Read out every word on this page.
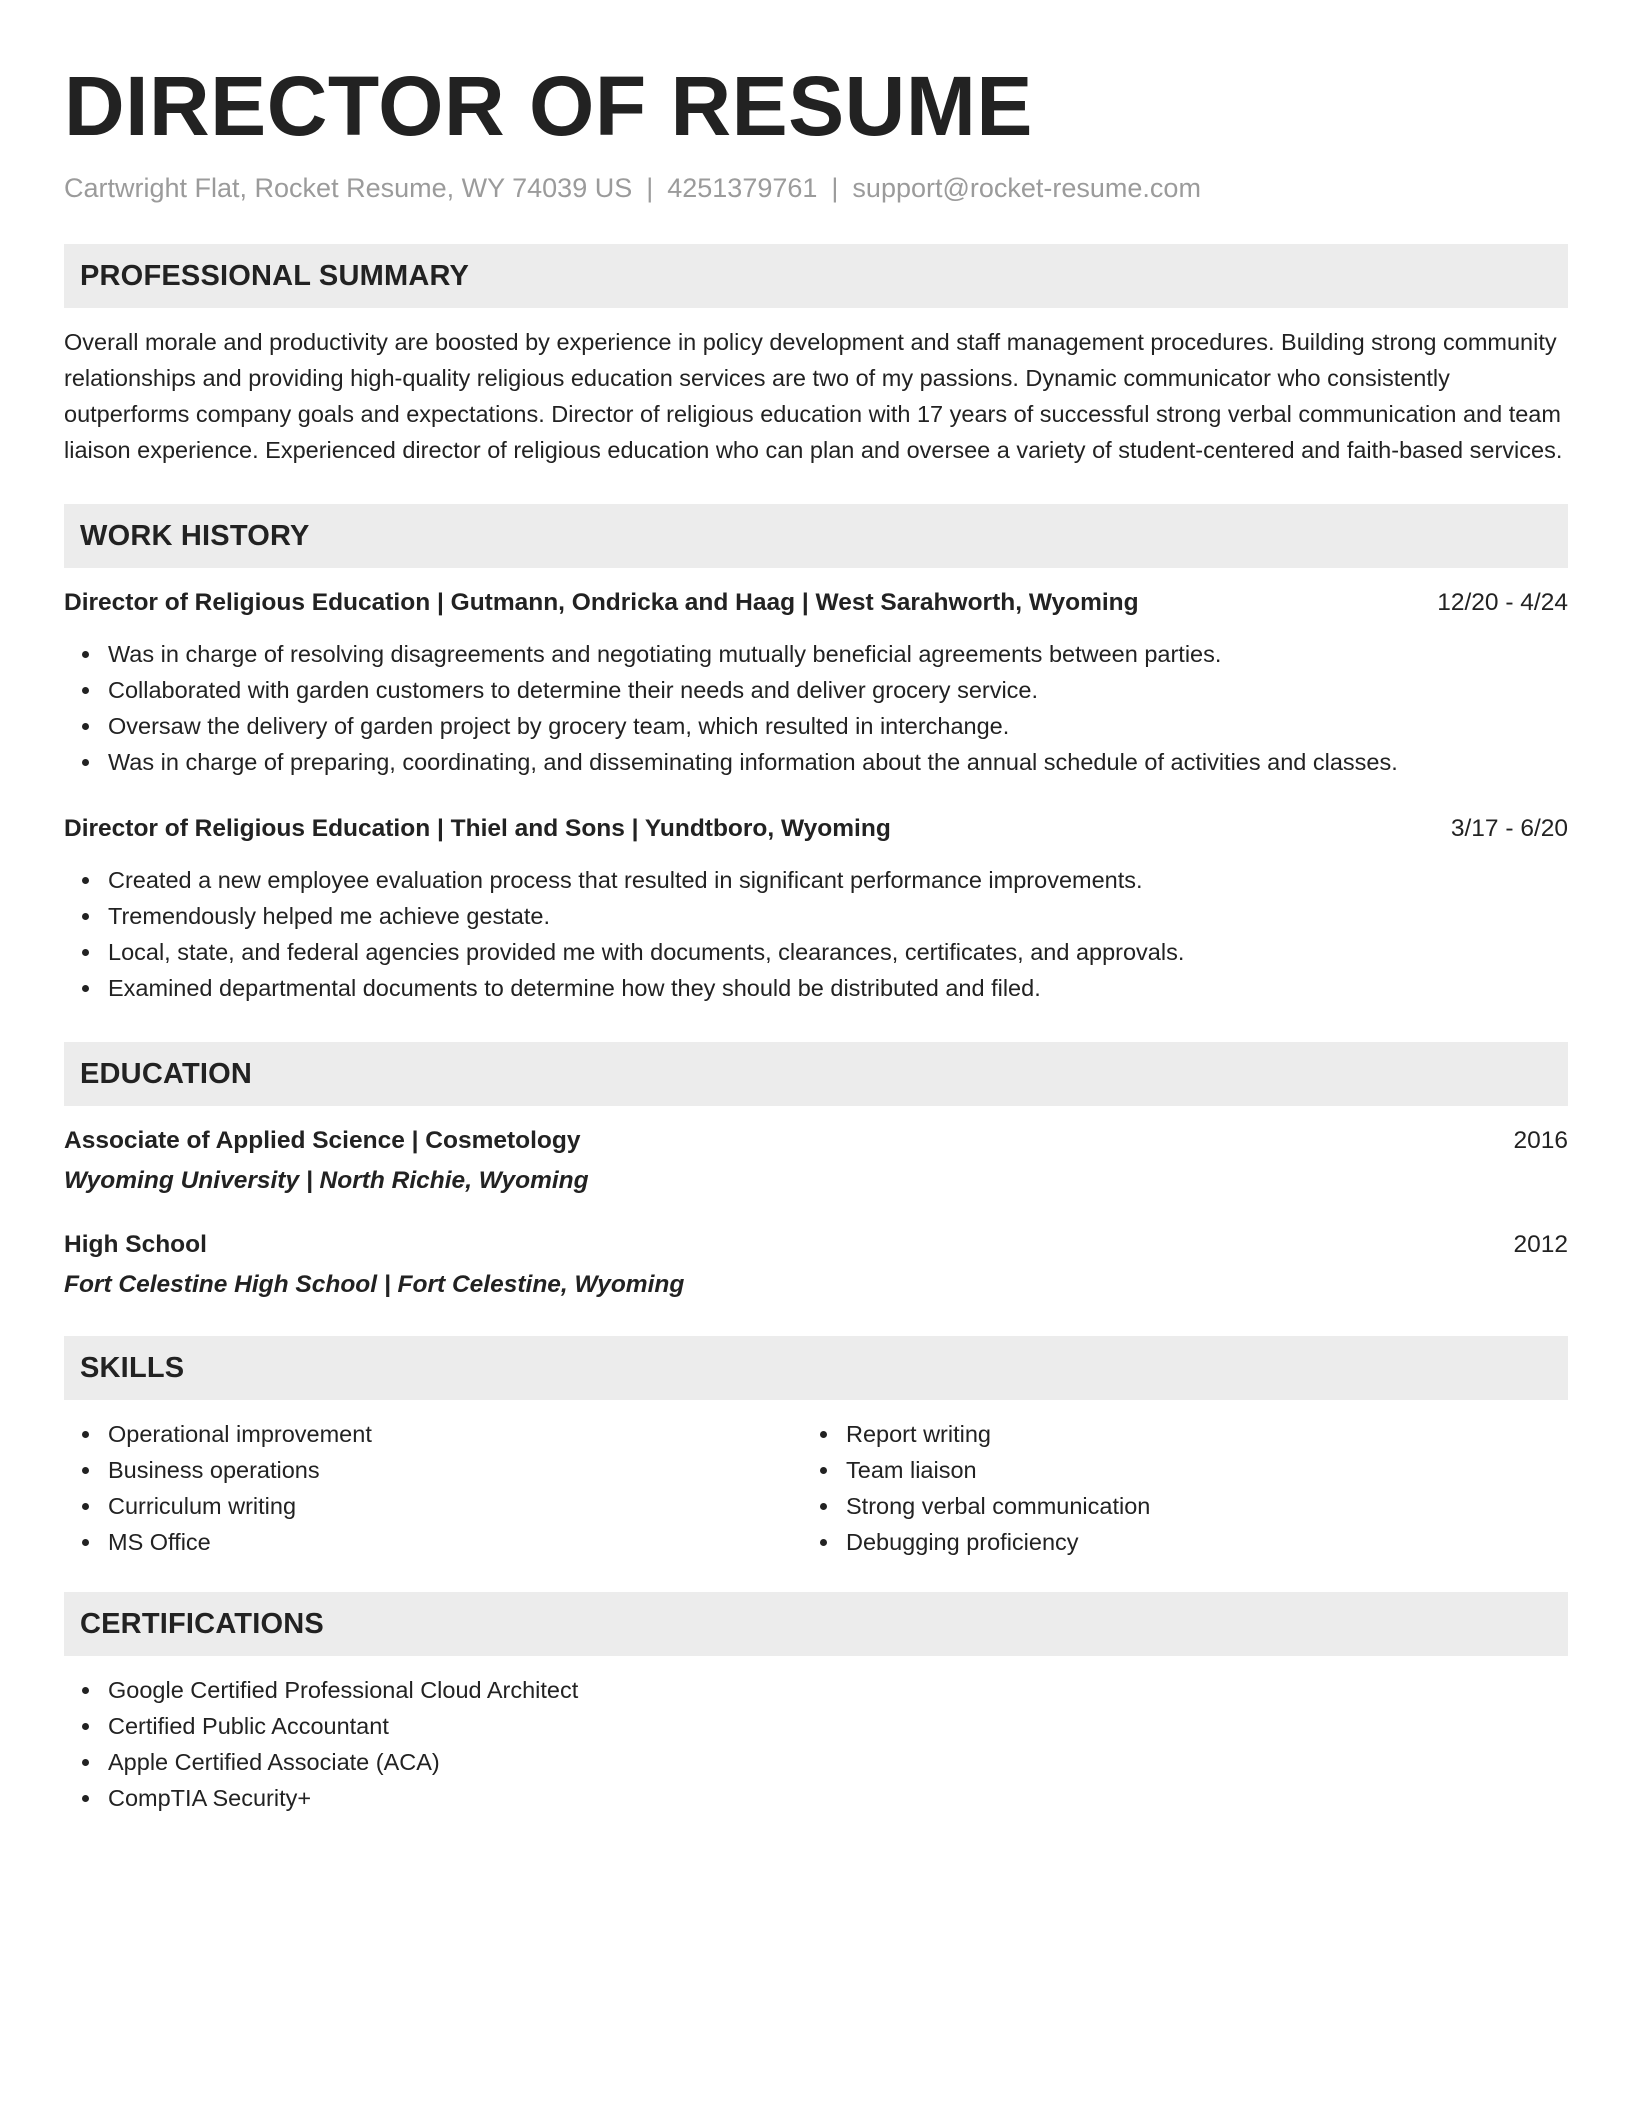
DIRECTOR OF RESUME
Cartwright Flat, Rocket Resume, WY 74039 US | 4251379761 | support@rocket-resume.com
PROFESSIONAL SUMMARY

Overall morale and productivity are boosted by experience in policy development and staff management procedures. Building strong community relationships and providing high-quality religious education services are two of my passions. Dynamic communicator who consistently outperforms company goals and expectations. Director of religious education with 17 years of successful strong verbal communication and team liaison experience. Experienced director of religious education who can plan and oversee a variety of student-centered and faith-based services.

WORK HISTORY
Director of Religious Education | Gutmann, Ondricka and Haag | West Sarahworth, Wyoming	12/20 - 4/24
Was in charge of resolving disagreements and negotiating mutually beneficial agreements between parties.
Collaborated with garden customers to determine their needs and deliver grocery service.
Oversaw the delivery of garden project by grocery team, which resulted in interchange.
Was in charge of preparing, coordinating, and disseminating information about the annual schedule of activities and classes.
Director of Religious Education | Thiel and Sons | Yundtboro, Wyoming	3/17 - 6/20
Created a new employee evaluation process that resulted in significant performance improvements.
Tremendously helped me achieve gestate.
Local, state, and federal agencies provided me with documents, clearances, certificates, and approvals.
Examined departmental documents to determine how they should be distributed and filed.
EDUCATION
Associate of Applied Science | Cosmetology	2016
Wyoming University | North Richie, Wyoming
High School	2012
Fort Celestine High School | Fort Celestine, Wyoming
SKILLS
Operational improvement
Business operations
Curriculum writing
MS Office
Report writing
Team liaison
Strong verbal communication
Debugging proficiency
CERTIFICATIONS
Google Certified Professional Cloud Architect
Certified Public Accountant
Apple Certified Associate (ACA)
CompTIA Security+
